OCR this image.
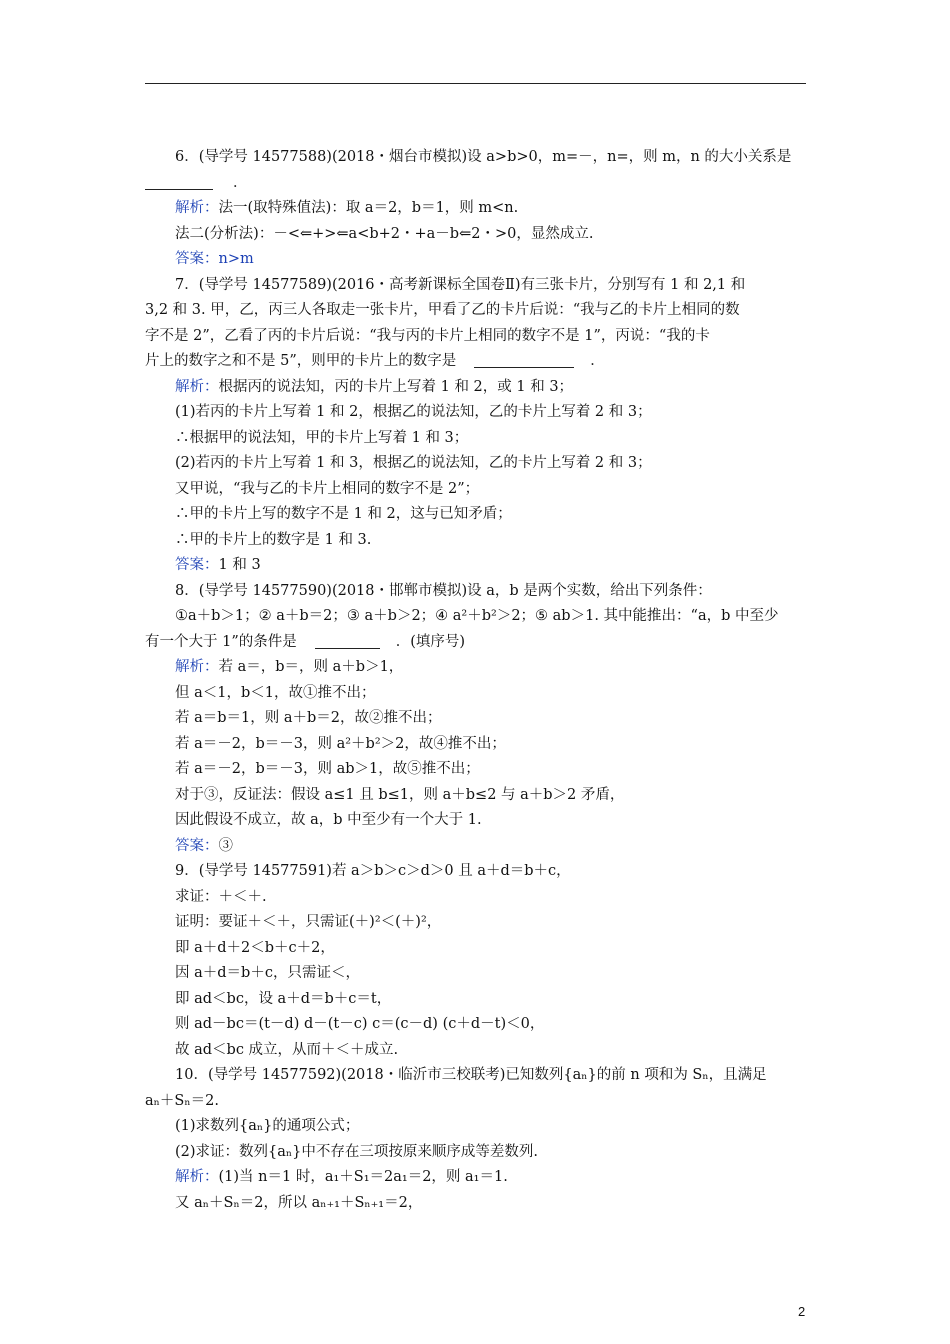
6．(导学号 14577588)(2018・烟台市模拟)设 a>b>0，m=－，n=，则 m，n 的大小关系是
．
解析：法一(取特殊值法)：取 a＝2，b＝1，则 m<n.
法二(分析法)：－<⇐+>⇐a<b+2・+a－b⇐2・>0，显然成立.
答案：n>m
7．(导学号 14577589)(2016・高考新课标全国卷Ⅱ)有三张卡片，分别写有 1 和 2,1 和
3,2 和 3. 甲，乙，丙三人各取走一张卡片，甲看了乙的卡片后说：“我与乙的卡片上相同的数
字不是 2”，乙看了丙的卡片后说：“我与丙的卡片上相同的数字不是 1”，丙说：“我的卡
片上的数字之和不是 5”，则甲的卡片上的数字是	．
解析：根据丙的说法知，丙的卡片上写着 1 和 2，或 1 和 3；
(1)若丙的卡片上写着 1 和 2，根据乙的说法知，乙的卡片上写着 2 和 3；
∴根据甲的说法知，甲的卡片上写着 1 和 3；
(2)若丙的卡片上写着 1 和 3，根据乙的说法知，乙的卡片上写着 2 和 3；
又甲说，“我与乙的卡片上相同的数字不是 2”；
∴甲的卡片上写的数字不是 1 和 2，这与已知矛盾；
∴甲的卡片上的数字是 1 和 3.
答案：1 和 3
8．(导学号 14577590)(2018・邯郸市模拟)设 a，b 是两个实数，给出下列条件：
①a＋b＞1；② a＋b＝2；③ a＋b＞2；④ a²＋b²＞2；⑤ ab＞1. 其中能推出：“a，b 中至少
有一个大于 1”的条件是	．(填序号)
解析：若 a＝，b＝，则 a＋b＞1，
但 a＜1，b＜1，故①推不出；
若 a＝b＝1，则 a＋b＝2，故②推不出；
若 a＝－2，b＝－3，则 a²＋b²＞2，故④推不出；
若 a＝－2，b＝－3，则 ab＞1，故⑤推不出；
对于③，反证法：假设 a≤1 且 b≤1，则 a＋b≤2 与 a＋b＞2 矛盾，
因此假设不成立，故 a，b 中至少有一个大于 1.
答案：③
9．(导学号 14577591)若 a＞b＞c＞d＞0 且 a＋d＝b＋c，
求证：＋＜＋.
证明：要证＋＜＋，只需证(＋)²＜(＋)²，
即 a＋d＋2＜b＋c＋2，
因 a＋d＝b＋c，只需证＜，
即 ad＜bc，设 a＋d＝b＋c＝t，
则 ad－bc＝(t－d) d－(t－c) c＝(c－d) (c＋d－t)＜0，
故 ad＜bc 成立，从而＋＜＋成立.
10．(导学号 14577592)(2018・临沂市三校联考)已知数列{aₙ}的前 n 项和为 Sₙ，且满足
aₙ＋Sₙ＝2.
(1)求数列{aₙ}的通项公式；
(2)求证：数列{aₙ}中不存在三项按原来顺序成等差数列.
解析：(1)当 n＝1 时，a₁＋S₁＝2a₁＝2，则 a₁＝1.
又 aₙ＋Sₙ＝2，所以 aₙ₊₁＋Sₙ₊₁＝2，
2
